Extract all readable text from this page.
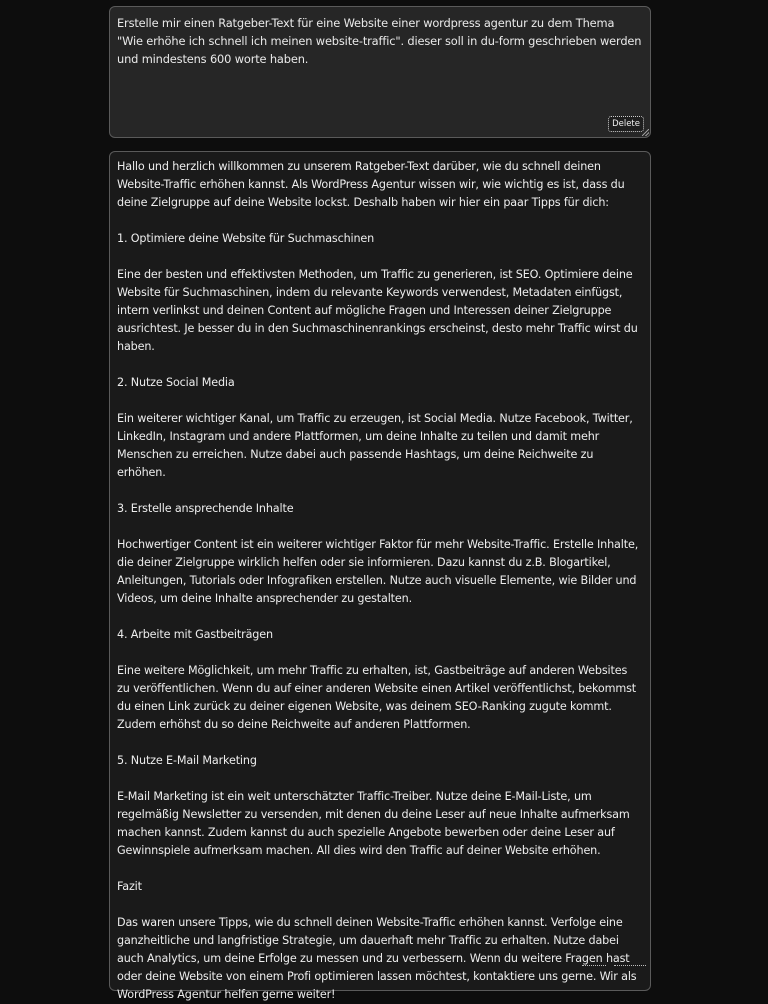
Erstelle mir einen Ratgeber-Text für eine Website einer wordpress agentur zu dem Thema "Wie erhöhe ich schnell ich meinen website-traffic". dieser soll in du-form geschrieben werden und mindestens 600 worte haben.
Delete

Hallo und herzlich willkommen zu unserem Ratgeber-Text darüber, wie du schnell deinen Website-Traffic erhöhen kannst. Als WordPress Agentur wissen wir, wie wichtig es ist, dass du deine Zielgruppe auf deine Website lockst. Deshalb haben wir hier ein paar Tipps für dich:

1. Optimiere deine Website für Suchmaschinen

Eine der besten und effektivsten Methoden, um Traffic zu generieren, ist SEO. Optimiere deine Website für Suchmaschinen, indem du relevante Keywords verwendest, Metadaten einfügst, intern verlinkst und deinen Content auf mögliche Fragen und Interessen deiner Zielgruppe ausrichtest. Je besser du in den Suchmaschinenrankings erscheinst, desto mehr Traffic wirst du haben.

2. Nutze Social Media

Ein weiterer wichtiger Kanal, um Traffic zu erzeugen, ist Social Media. Nutze Facebook, Twitter, LinkedIn, Instagram und andere Plattformen, um deine Inhalte zu teilen und damit mehr Menschen zu erreichen. Nutze dabei auch passende Hashtags, um deine Reichweite zu erhöhen.

3. Erstelle ansprechende Inhalte

Hochwertiger Content ist ein weiterer wichtiger Faktor für mehr Website-Traffic. Erstelle Inhalte, die deiner Zielgruppe wirklich helfen oder sie informieren. Dazu kannst du z.B. Blogartikel, Anleitungen, Tutorials oder Infografiken erstellen. Nutze auch visuelle Elemente, wie Bilder und Videos, um deine Inhalte ansprechender zu gestalten.

4. Arbeite mit Gastbeiträgen

Eine weitere Möglichkeit, um mehr Traffic zu erhalten, ist, Gastbeiträge auf anderen Websites zu veröffentlichen. Wenn du auf einer anderen Website einen Artikel veröffentlichst, bekommst du einen Link zurück zu deiner eigenen Website, was deinem SEO-Ranking zugute kommt. Zudem erhöhst du so deine Reichweite auf anderen Plattformen.

5. Nutze E-Mail Marketing

E-Mail Marketing ist ein weit unterschätzter Traffic-Treiber. Nutze deine E-Mail-Liste, um regelmäßig Newsletter zu versenden, mit denen du deine Leser auf neue Inhalte aufmerksam machen kannst. Zudem kannst du auch spezielle Angebote bewerben oder deine Leser auf Gewinnspiele aufmerksam machen. All dies wird den Traffic auf deiner Website erhöhen.

Fazit

Das waren unsere Tipps, wie du schnell deinen Website-Traffic erhöhen kannst. Verfolge eine ganzheitliche und langfristige Strategie, um dauerhaft mehr Traffic zu erhalten. Nutze dabei auch Analytics, um deine Erfolge zu messen und zu verbessern. Wenn du weitere Fragen hast oder deine Website von einem Profi optimieren lassen möchtest, kontaktiere uns gerne. Wir als WordPress Agentur helfen gerne weiter!
